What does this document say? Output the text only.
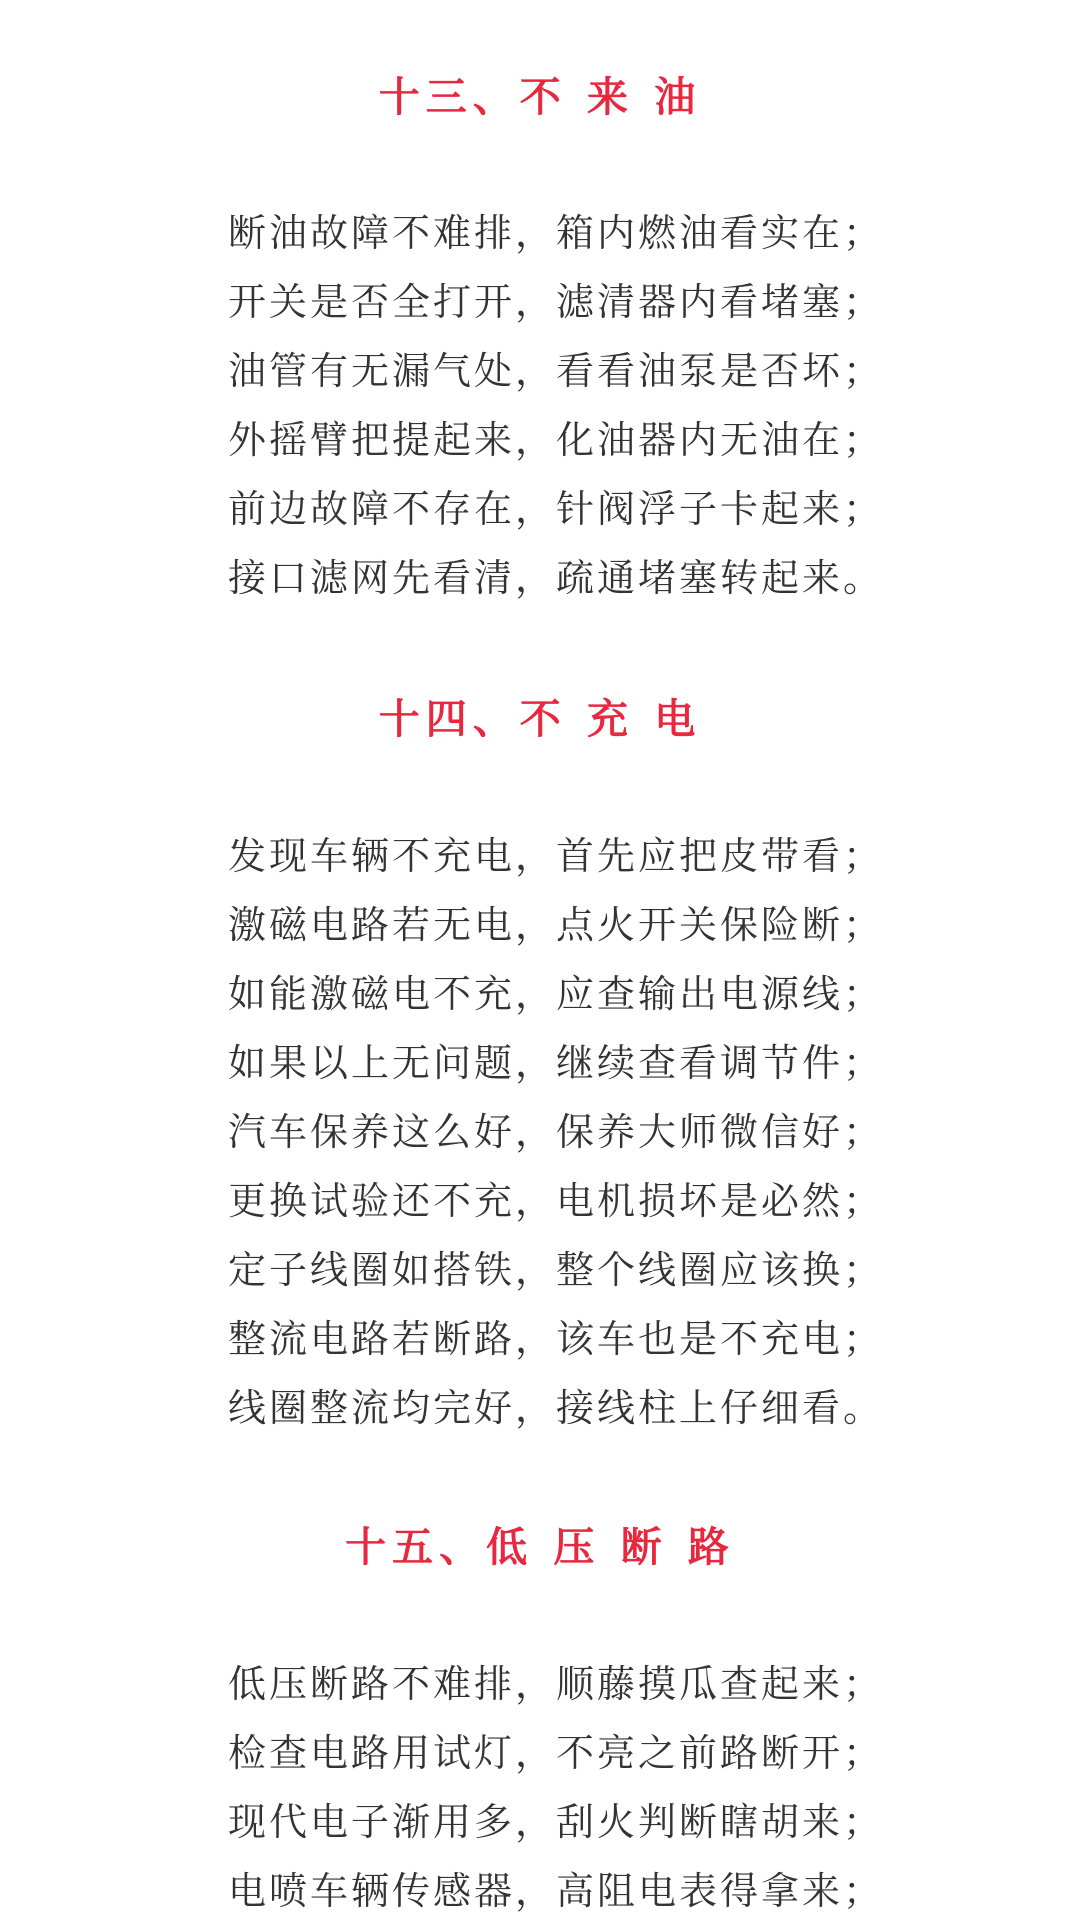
十三、不 来 油
断油故障不难排，箱内燃油看实在；
开关是否全打开，滤清器内看堵塞；
油管有无漏气处，看看油泵是否坏；
外摇臂把提起来，化油器内无油在；
前边故障不存在，针阀浮子卡起来；
接口滤网先看清，疏通堵塞转起来。
十四、不 充 电
发现车辆不充电，首先应把皮带看；
激磁电路若无电，点火开关保险断；
如能激磁电不充，应查输出电源线；
如果以上无问题，继续查看调节件；
汽车保养这么好，保养大师微信好；
更换试验还不充，电机损坏是必然；
定子线圈如搭铁，整个线圈应该换；
整流电路若断路，该车也是不充电；
线圈整流均完好，接线柱上仔细看。
十五、低 压 断 路
低压断路不难排，顺藤摸瓜查起来；
检查电路用试灯，不亮之前路断开；
现代电子渐用多，刮火判断瞎胡来；
电喷车辆传感器，高阻电表得拿来；
